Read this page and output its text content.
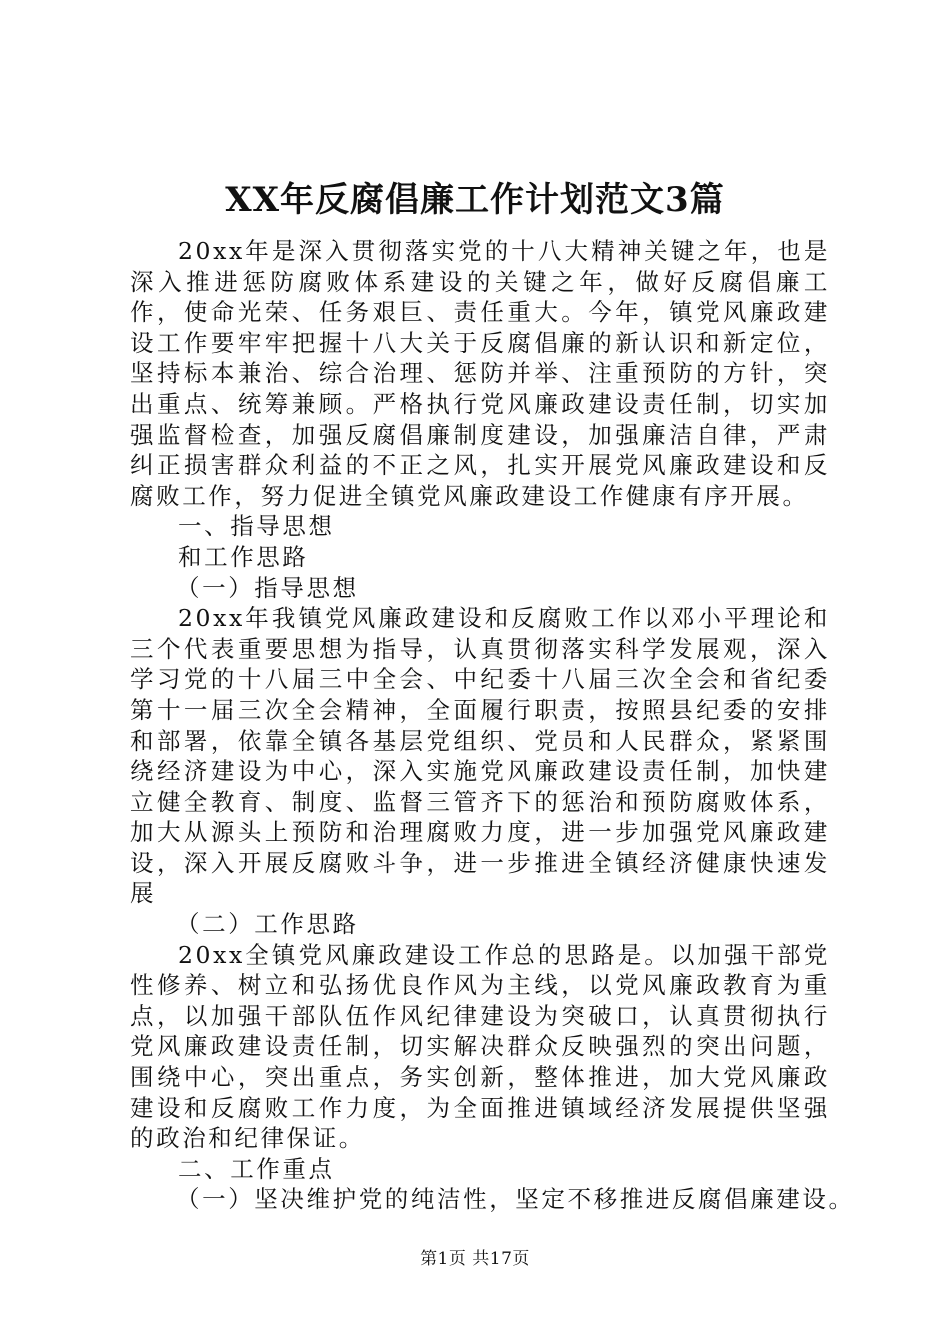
XX年反腐倡廉工作计划范文3篇

20xx年是深入贯彻落实党的十八大精神关键之年，也是深入推进惩防腐败体系建设的关键之年，做好反腐倡廉工作，使命光荣、任务艰巨、责任重大。今年，镇党风廉政建设工作要牢牢把握十八大关于反腐倡廉的新认识和新定位，坚持标本兼治、综合治理、惩防并举、注重预防的方针，突出重点、统筹兼顾。严格执行党风廉政建设责任制，切实加强监督检查，加强反腐倡廉制度建设，加强廉洁自律，严肃纠正损害群众利益的不正之风，扎实开展党风廉政建设和反腐败工作，努力促进全镇党风廉政建设工作健康有序开展。

一、指导思想

和工作思路

（一）指导思想

20xx年我镇党风廉政建设和反腐败工作以邓小平理论和三个代表重要思想为指导，认真贯彻落实科学发展观，深入学习党的十八届三中全会、中纪委十八届三次全会和省纪委第十一届三次全会精神，全面履行职责，按照县纪委的安排和部署，依靠全镇各基层党组织、党员和人民群众，紧紧围绕经济建设为中心，深入实施党风廉政建设责任制，加快建立健全教育、制度、监督三管齐下的惩治和预防腐败体系，加大从源头上预防和治理腐败力度，进一步加强党风廉政建设，深入开展反腐败斗争，进一步推进全镇经济健康快速发展

（二）工作思路

20xx全镇党风廉政建设工作总的思路是。以加强干部党性修养、树立和弘扬优良作风为主线，以党风廉政教育为重点，以加强干部队伍作风纪律建设为突破口，认真贯彻执行党风廉政建设责任制，切实解决群众反映强烈的突出问题，围绕中心，突出重点，务实创新，整体推进，加大党风廉政建设和反腐败工作力度，为全面推进镇域经济发展提供坚强的政治和纪律保证。

二、工作重点

（一）坚决维护党的纯洁性，坚定不移推进反腐倡廉建设。

第1页 共17页
